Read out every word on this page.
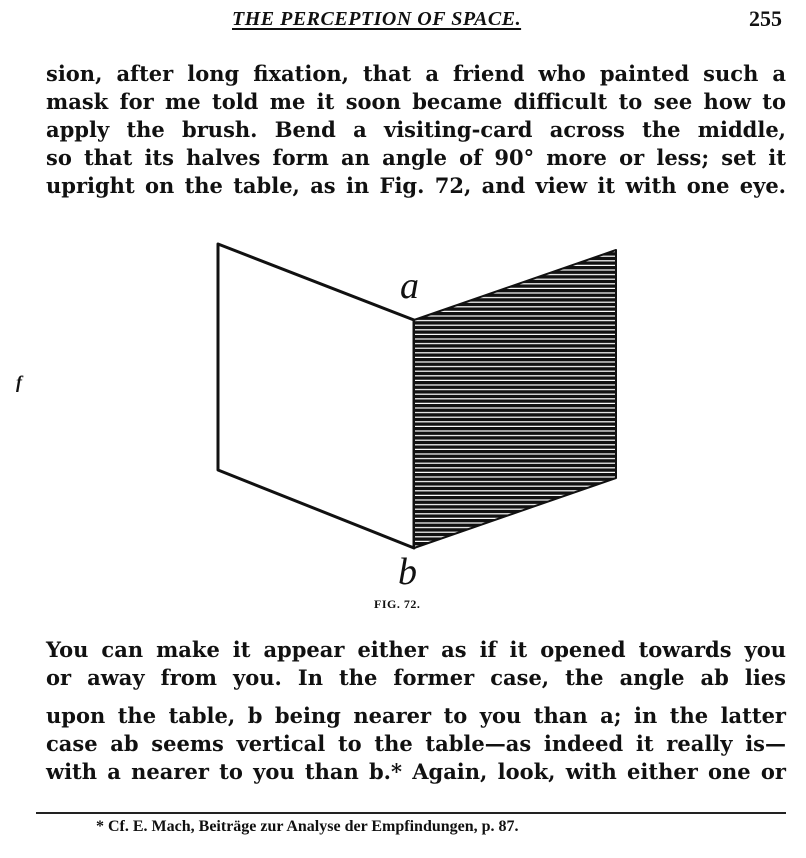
THE PERCEPTION OF SPACE.	255
sion, after long fixation, that a friend who painted such a
mask for me told me it soon became difficult to see how to
apply the brush. Bend a visiting-card across the middle,
so that its halves form an angle of 90° more or less; set it
upright on the table, as in Fig. 72, and view it with one eye.
a
b
FIG. 72.
f
You can make it appear either as if it opened towards you
or away from you. In the former case, the angle ab lies
upon the table, b being nearer to you than a; in the latter
case ab seems vertical to the table—as indeed it really is—
with a nearer to you than b.* Again, look, with either one or
* Cf. E. Mach, Beiträge zur Analyse der Empfindungen, p. 87.
